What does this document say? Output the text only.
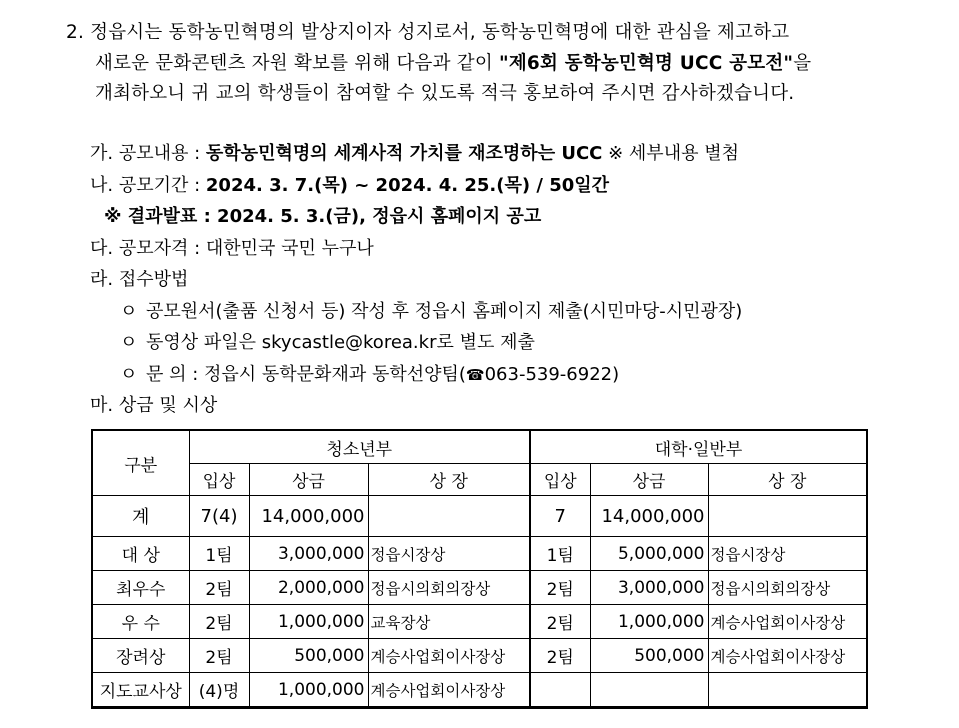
2. 정읍시는 동학농민혁명의 발상지이자 성지로서, 동학농민혁명에 대한 관심을 제고하고
새로운 문화콘텐츠 자원 확보를 위해 다음과 같이 "제6회 동학농민혁명 UCC 공모전"을
개최하오니 귀 교의 학생들이 참여할 수 있도록 적극 홍보하여 주시면 감사하겠습니다.
가. 공모내용 : 동학농민혁명의 세계사적 가치를 재조명하는 UCC ※ 세부내용 별첨
나. 공모기간 : 2024. 3. 7.(목) ~ 2024. 4. 25.(목) / 50일간
※ 결과발표 : 2024. 5. 3.(금), 정읍시 홈페이지 공고
다. 공모자격 : 대한민국 국민 누구나
라. 접수방법
ㅇ 공모원서(출품 신청서 등) 작성 후 정읍시 홈페이지 제출(시민마당-시민광장)
ㅇ 동영상 파일은 skycastle@korea.kr로 별도 제출
ㅇ 문 의 : 정읍시 동학문화재과 동학선양팀(☎063-539-6922)
마. 상금 및 시상
구분	청소년부			대학·일반부		
	입상	상금	상 장	입상	상금	상 장
계	7(4)	14,000,000		7	14,000,000	
대 상	1팀	3,000,000	정읍시장상	1팀	5,000,000	정읍시장상
최우수	2팀	2,000,000	정읍시의회의장상	2팀	3,000,000	정읍시의회의장상
우 수	2팀	1,000,000	교육장상	2팀	1,000,000	계승사업회이사장상
장려상	2팀	500,000	계승사업회이사장상	2팀	500,000	계승사업회이사장상
지도교사상	(4)명	1,000,000	계승사업회이사장상			
